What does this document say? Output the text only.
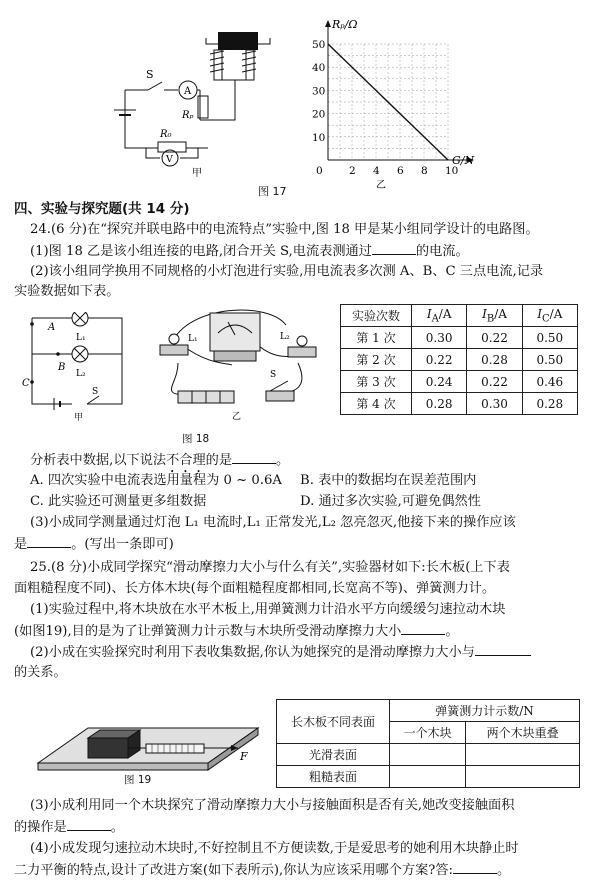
S
A
Rₚ
R₀
V
甲
Rₚ/Ω
G/N
0	2 4 6 8 10
10
20
30
40
50
乙
图 17
四、实验与探究题(共 14 分)
24.(6 分)在“探究并联电路中的电流特点”实验中,图 18 甲是某小组同学设计的电路图。
(1)图 18 乙是该小组连接的电路,闭合开关 S,电流表测通过	的电流。
(2)该小组同学换用不同规格的小灯泡进行实验,用电流表多次测 A、B、C 三点电流,记录
实验数据如下表。
L₁
L₂
A
B
C
S
甲
L₁	L₂
S
乙
图 18
实验次数	$I_A/A$	$I_B/A$	$I_C/A$
第 1 次	0.30	0.22	0.50
第 2 次	0.22	0.28	0.50
第 3 次	0.24	0.22	0.46
第 4 次	0.28	0.30	0.28
分析表中数据,以下说法不合理的是	。
A. 四次实验中电流表选用量程为 0 ~ 0.6A	B. 表中的数据均在误差范围内
C. 此实验还可测量更多组数据	D. 通过多次实验,可避免偶然性
(3)小成同学测量通过灯泡 L₁ 电流时,L₁ 正常发光,L₂ 忽亮忽灭,他接下来的操作应该
是	。(写出一条即可)
25.(8 分)小成同学探究“滑动摩擦力大小与什么有关”,实验器材如下:长木板(上下表
面粗糙程度不同)、长方体木块(每个面粗糙程度都相同,长宽高不等)、弹簧测力计。
(1)实验过程中,将木块放在水平木板上,用弹簧测力计沿水平方向缓缓匀速拉动木块
(如图19),目的是为了让弹簧测力计示数与木块所受滑动摩擦力大小	。
(2)小成在实验探究时利用下表收集数据,你认为她探究的是滑动摩擦力大小与
的关系。
F
图 19
长木板不同表面	弹簧测力计示数/N	
	一个木块	两个木块重叠
光滑表面		
粗糙表面		
(3)小成利用同一个木块探究了滑动摩擦力大小与接触面积是否有关,她改变接触面积
的操作是	。
(4)小成发现匀速拉动木块时,不好控制且不方便读数,于是爱思考的她利用木块静止时
二力平衡的特点,设计了改进方案(如下表所示),你认为应该采用哪个方案?答:	。
